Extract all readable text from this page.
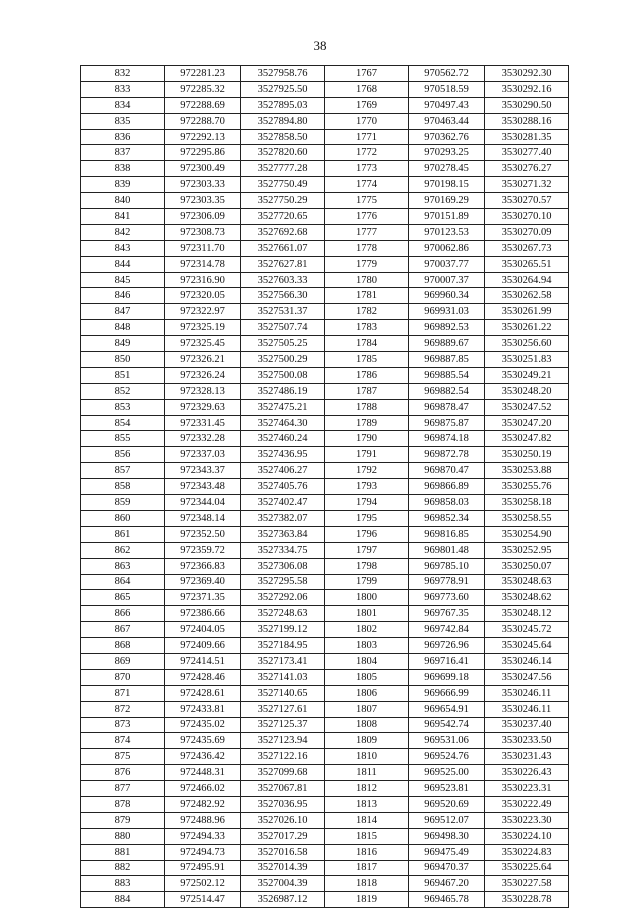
38
832	972281.23	3527958.76	1767	970562.72	3530292.30
833	972285.32	3527925.50	1768	970518.59	3530292.16
834	972288.69	3527895.03	1769	970497.43	3530290.50
835	972288.70	3527894.80	1770	970463.44	3530288.16
836	972292.13	3527858.50	1771	970362.76	3530281.35
837	972295.86	3527820.60	1772	970293.25	3530277.40
838	972300.49	3527777.28	1773	970278.45	3530276.27
839	972303.33	3527750.49	1774	970198.15	3530271.32
840	972303.35	3527750.29	1775	970169.29	3530270.57
841	972306.09	3527720.65	1776	970151.89	3530270.10
842	972308.73	3527692.68	1777	970123.53	3530270.09
843	972311.70	3527661.07	1778	970062.86	3530267.73
844	972314.78	3527627.81	1779	970037.77	3530265.51
845	972316.90	3527603.33	1780	970007.37	3530264.94
846	972320.05	3527566.30	1781	969960.34	3530262.58
847	972322.97	3527531.37	1782	969931.03	3530261.99
848	972325.19	3527507.74	1783	969892.53	3530261.22
849	972325.45	3527505.25	1784	969889.67	3530256.60
850	972326.21	3527500.29	1785	969887.85	3530251.83
851	972326.24	3527500.08	1786	969885.54	3530249.21
852	972328.13	3527486.19	1787	969882.54	3530248.20
853	972329.63	3527475.21	1788	969878.47	3530247.52
854	972331.45	3527464.30	1789	969875.87	3530247.20
855	972332.28	3527460.24	1790	969874.18	3530247.82
856	972337.03	3527436.95	1791	969872.78	3530250.19
857	972343.37	3527406.27	1792	969870.47	3530253.88
858	972343.48	3527405.76	1793	969866.89	3530255.76
859	972344.04	3527402.47	1794	969858.03	3530258.18
860	972348.14	3527382.07	1795	969852.34	3530258.55
861	972352.50	3527363.84	1796	969816.85	3530254.90
862	972359.72	3527334.75	1797	969801.48	3530252.95
863	972366.83	3527306.08	1798	969785.10	3530250.07
864	972369.40	3527295.58	1799	969778.91	3530248.63
865	972371.35	3527292.06	1800	969773.60	3530248.62
866	972386.66	3527248.63	1801	969767.35	3530248.12
867	972404.05	3527199.12	1802	969742.84	3530245.72
868	972409.66	3527184.95	1803	969726.96	3530245.64
869	972414.51	3527173.41	1804	969716.41	3530246.14
870	972428.46	3527141.03	1805	969699.18	3530247.56
871	972428.61	3527140.65	1806	969666.99	3530246.11
872	972433.81	3527127.61	1807	969654.91	3530246.11
873	972435.02	3527125.37	1808	969542.74	3530237.40
874	972435.69	3527123.94	1809	969531.06	3530233.50
875	972436.42	3527122.16	1810	969524.76	3530231.43
876	972448.31	3527099.68	1811	969525.00	3530226.43
877	972466.02	3527067.81	1812	969523.81	3530223.31
878	972482.92	3527036.95	1813	969520.69	3530222.49
879	972488.96	3527026.10	1814	969512.07	3530223.30
880	972494.33	3527017.29	1815	969498.30	3530224.10
881	972494.73	3527016.58	1816	969475.49	3530224.83
882	972495.91	3527014.39	1817	969470.37	3530225.64
883	972502.12	3527004.39	1818	969467.20	3530227.58
884	972514.47	3526987.12	1819	969465.78	3530228.78
